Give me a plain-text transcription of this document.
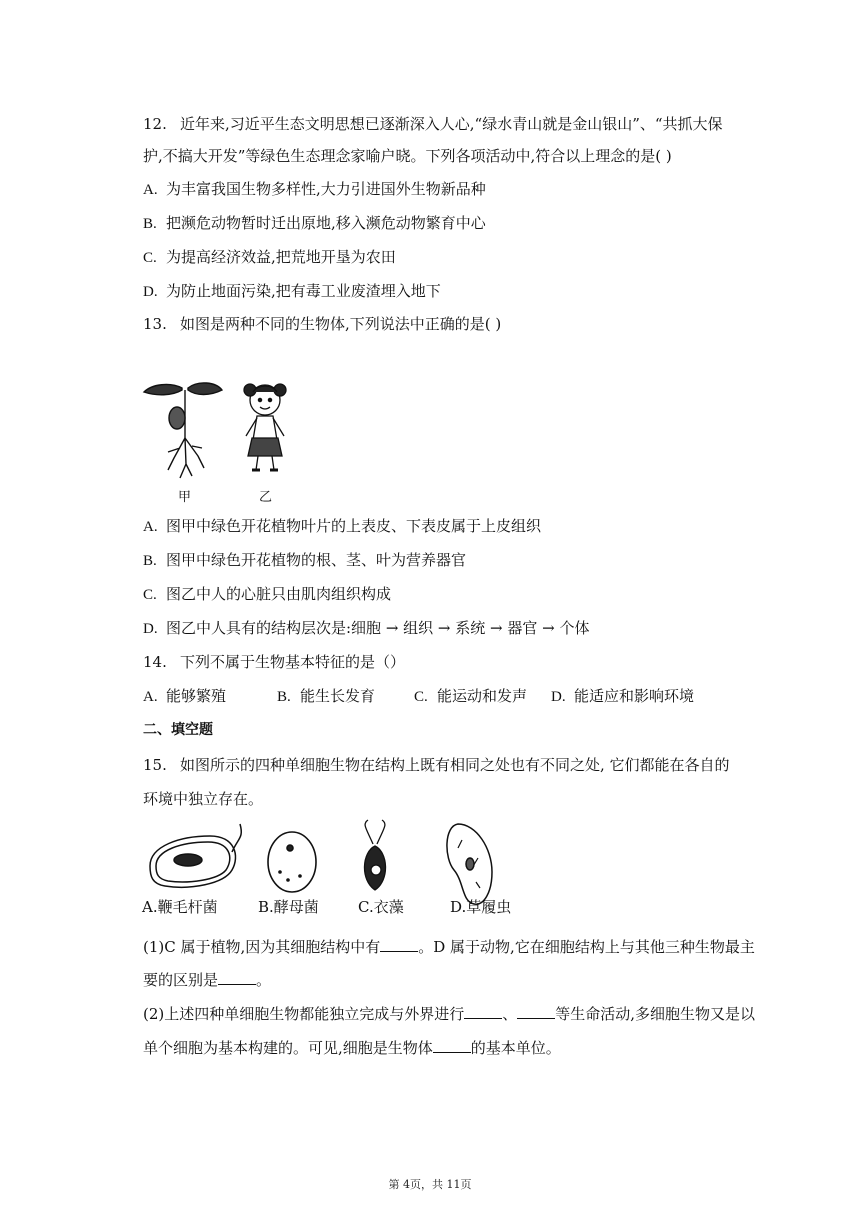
12. 近年来,习近平生态文明思想已逐渐深入人心,“绿水青山就是金山银山”、“共抓大保
护,不搞大开发”等绿色生态理念家喻户晓。下列各项活动中,符合以上理念的是( )
A. 为丰富我国生物多样性,大力引进国外生物新品种
B. 把濒危动物暂时迁出原地,移入濒危动物繁育中心
C. 为提高经济效益,把荒地开垦为农田
D. 为防止地面污染,把有毒工业废渣埋入地下
13. 如图是两种不同的生物体,下列说法中正确的是( )
甲	乙
A. 图甲中绿色开花植物叶片的上表皮、下表皮属于上皮组织
B. 图甲中绿色开花植物的根、茎、叶为营养器官
C. 图乙中人的心脏只由肌肉组织构成
D. 图乙中人具有的结构层次是:细胞 → 组织 → 系统 → 器官 → 个体
14. 下列不属于生物基本特征的是（）
A. 能够繁殖	B. 能生长发育	C. 能运动和发声 D. 能适应和影响环境
二、填空题
15. 如图所示的四种单细胞生物在结构上既有相同之处也有不同之处, 它们都能在各自的
环境中独立存在。
A.鞭毛杆菌	B.酵母菌	C.衣藻	D.草履虫
(1)C 属于植物,因为其细胞结构中有	。D 属于动物,它在细胞结构上与其他三种生物最主
要的区别是	。
(2)上述四种单细胞生物都能独立完成与外界进行	、	等生命活动,多细胞生物又是以
单个细胞为基本构建的。可见,细胞是生物体	的基本单位。
第 4页，共 11页
